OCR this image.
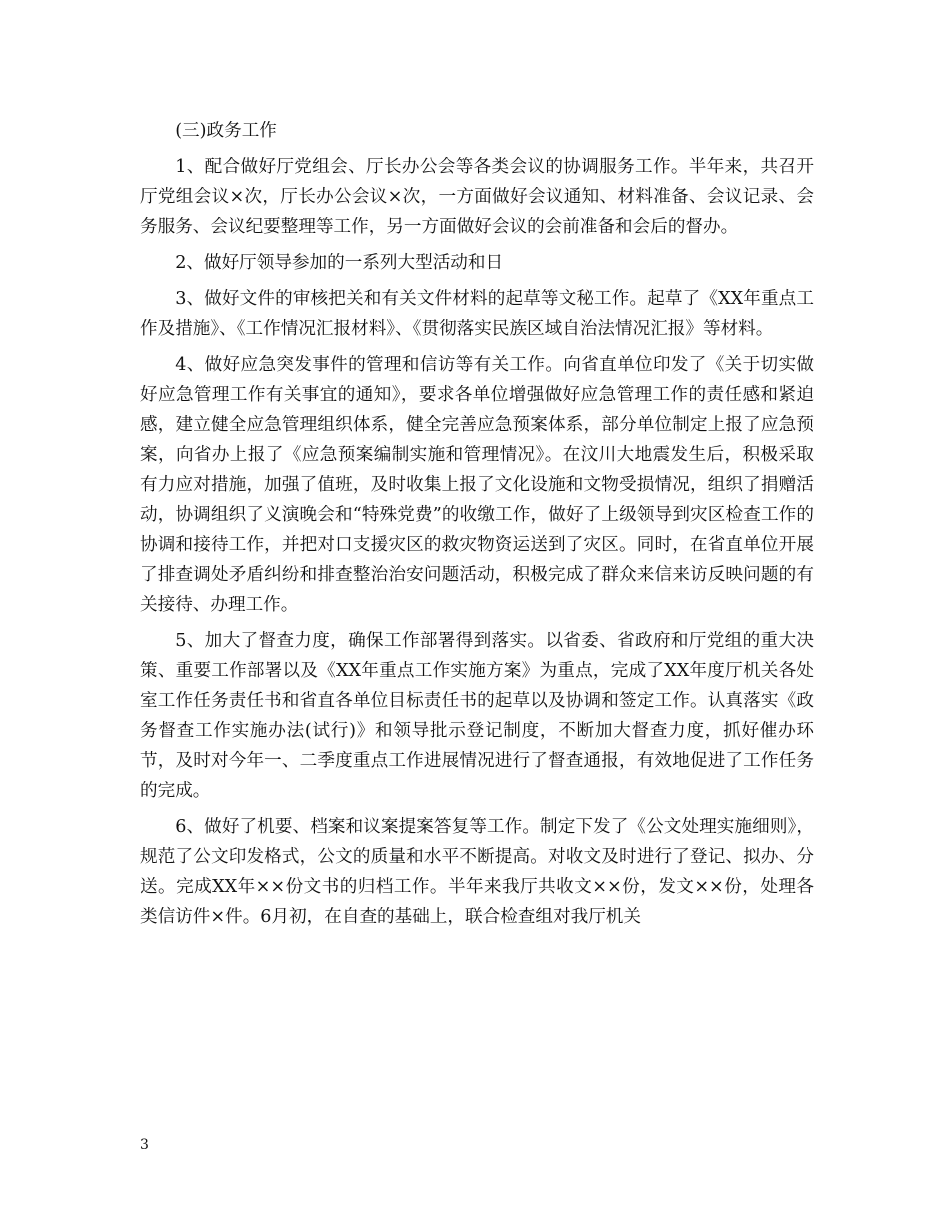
(三)政务工作

1、配合做好厅党组会、厅长办公会等各类会议的协调服务工作。半年来，共召开厅党组会议×次，厅长办公会议×次，一方面做好会议通知、材料准备、会议记录、会务服务、会议纪要整理等工作，另一方面做好会议的会前准备和会后的督办。

2、做好厅领导参加的一系列大型活动和日

3、做好文件的审核把关和有关文件材料的起草等文秘工作。起草了《XX年重点工作及措施》、《工作情况汇报材料》、《贯彻落实民族区域自治法情况汇报》等材料。

4、做好应急突发事件的管理和信访等有关工作。向省直单位印发了《关于切实做好应急管理工作有关事宜的通知》，要求各单位增强做好应急管理工作的责任感和紧迫感，建立健全应急管理组织体系，健全完善应急预案体系，部分单位制定上报了应急预案，向省办上报了《应急预案编制实施和管理情况》。在汶川大地震发生后，积极采取有力应对措施，加强了值班，及时收集上报了文化设施和文物受损情况，组织了捐赠活动，协调组织了义演晚会和“特殊党费”的收缴工作，做好了上级领导到灾区检查工作的协调和接待工作，并把对口支援灾区的救灾物资运送到了灾区。同时，在省直单位开展了排查调处矛盾纠纷和排查整治治安问题活动，积极完成了群众来信来访反映问题的有关接待、办理工作。

5、加大了督查力度，确保工作部署得到落实。以省委、省政府和厅党组的重大决策、重要工作部署以及《XX年重点工作实施方案》为重点，完成了XX年度厅机关各处室工作任务责任书和省直各单位目标责任书的起草以及协调和签定工作。认真落实《政务督查工作实施办法(试行)》和领导批示登记制度，不断加大督查力度，抓好催办环节，及时对今年一、二季度重点工作进展情况进行了督查通报，有效地促进了工作任务的完成。

6、做好了机要、档案和议案提案答复等工作。制定下发了《公文处理实施细则》，规范了公文印发格式，公文的质量和水平不断提高。对收文及时进行了登记、拟办、分送。完成XX年××份文书的归档工作。半年来我厅共收文××份，发文××份，处理各类信访件×件。6月初，在自查的基础上，联合检查组对我厅机关

3
